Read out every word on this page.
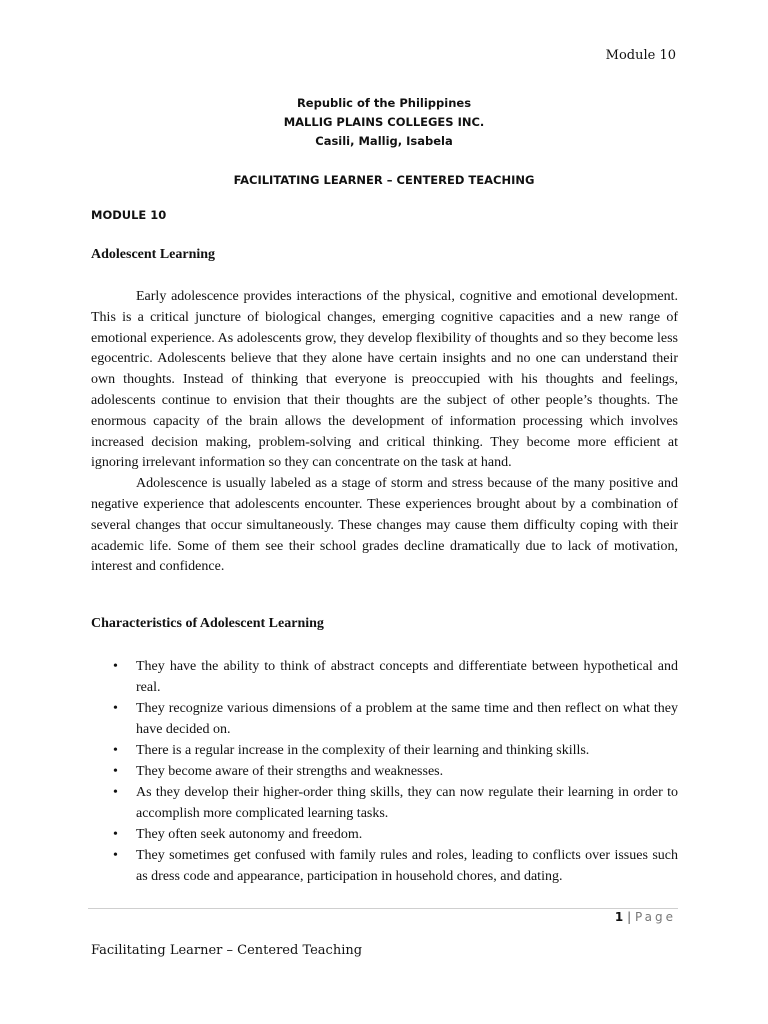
Module 10
Republic of the Philippines
MALLIG PLAINS COLLEGES INC.
Casili, Mallig, Isabela
FACILITATING LEARNER – CENTERED TEACHING
MODULE 10
Adolescent Learning

Early adolescence provides interactions of the physical, cognitive and emotional development. This is a critical juncture of biological changes, emerging cognitive capacities and a new range of emotional experience. As adolescents grow, they develop flexibility of thoughts and so they become less egocentric. Adolescents believe that they alone have certain insights and no one can understand their own thoughts. Instead of thinking that everyone is preoccupied with his thoughts and feelings, adolescents continue to envision that their thoughts are the subject of other people’s thoughts. The enormous capacity of the brain allows the development of information processing which involves increased decision making, problem-solving and critical thinking. They become more efficient at ignoring irrelevant information so they can concentrate on the task at hand.

Adolescence is usually labeled as a stage of storm and stress because of the many positive and negative experience that adolescents encounter. These experiences brought about by a combination of several changes that occur simultaneously. These changes may cause them difficulty coping with their academic life. Some of them see their school grades decline dramatically due to lack of motivation, interest and confidence.

Characteristics of Adolescent Learning
• They have the ability to think of abstract concepts and differentiate between hypothetical and real.
• They recognize various dimensions of a problem at the same time and then reflect on what they have decided on.
• There is a regular increase in the complexity of their learning and thinking skills.
• They become aware of their strengths and weaknesses.
• As they develop their higher-order thing skills, they can now regulate their learning in order to accomplish more complicated learning tasks.
• They often seek autonomy and freedom.
• They sometimes get confused with family rules and roles, leading to conflicts over issues such as dress code and appearance, participation in household chores, and dating.
1 | Page
Facilitating Learner – Centered Teaching
